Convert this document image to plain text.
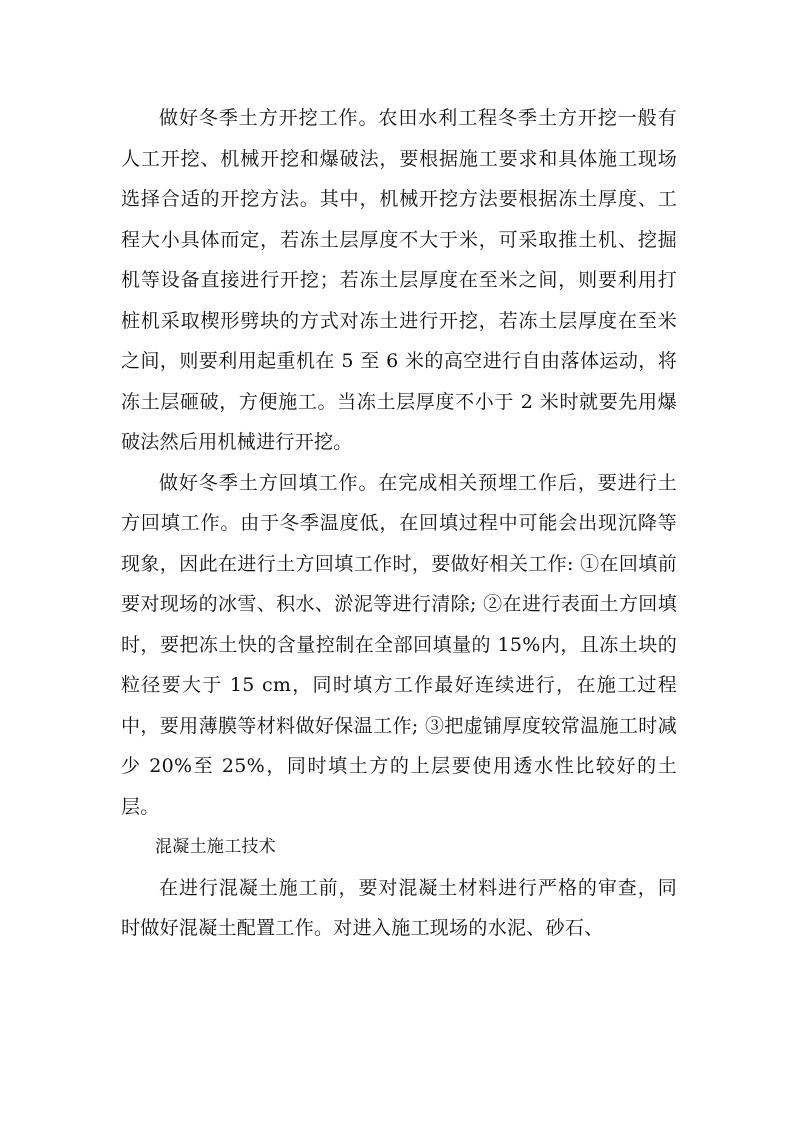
做好冬季土方开挖工作。农田水利工程冬季土方开挖一般有人工开挖、机械开挖和爆破法，要根据施工要求和具体施工现场选择合适的开挖方法。其中，机械开挖方法要根据冻土厚度、工程大小具体而定，若冻土层厚度不大于米，可采取推土机、挖掘机等设备直接进行开挖；若冻土层厚度在至米之间，则要利用打桩机采取楔形劈块的方式对冻土进行开挖，若冻土层厚度在至米之间，则要利用起重机在 5 至 6 米的高空进行自由落体运动，将冻土层砸破，方便施工。当冻土层厚度不小于 2 米时就要先用爆破法然后用机械进行开挖。

做好冬季土方回填工作。在完成相关预埋工作后，要进行土方回填工作。由于冬季温度低，在回填过程中可能会出现沉降等现象，因此在进行土方回填工作时，要做好相关工作: ①在回填前要对现场的冰雪、积水、淤泥等进行清除; ②在进行表面土方回填时，要把冻土快的含量控制在全部回填量的 15%内，且冻土块的粒径要大于 15 cm，同时填方工作最好连续进行，在施工过程中，要用薄膜等材料做好保温工作; ③把虚铺厚度较常温施工时减少 20%至 25%，同时填土方的上层要使用透水性比较好的土层。

混凝土施工技术

在进行混凝土施工前，要对混凝土材料进行严格的审查，同时做好混凝土配置工作。对进入施工现场的水泥、砂石、
